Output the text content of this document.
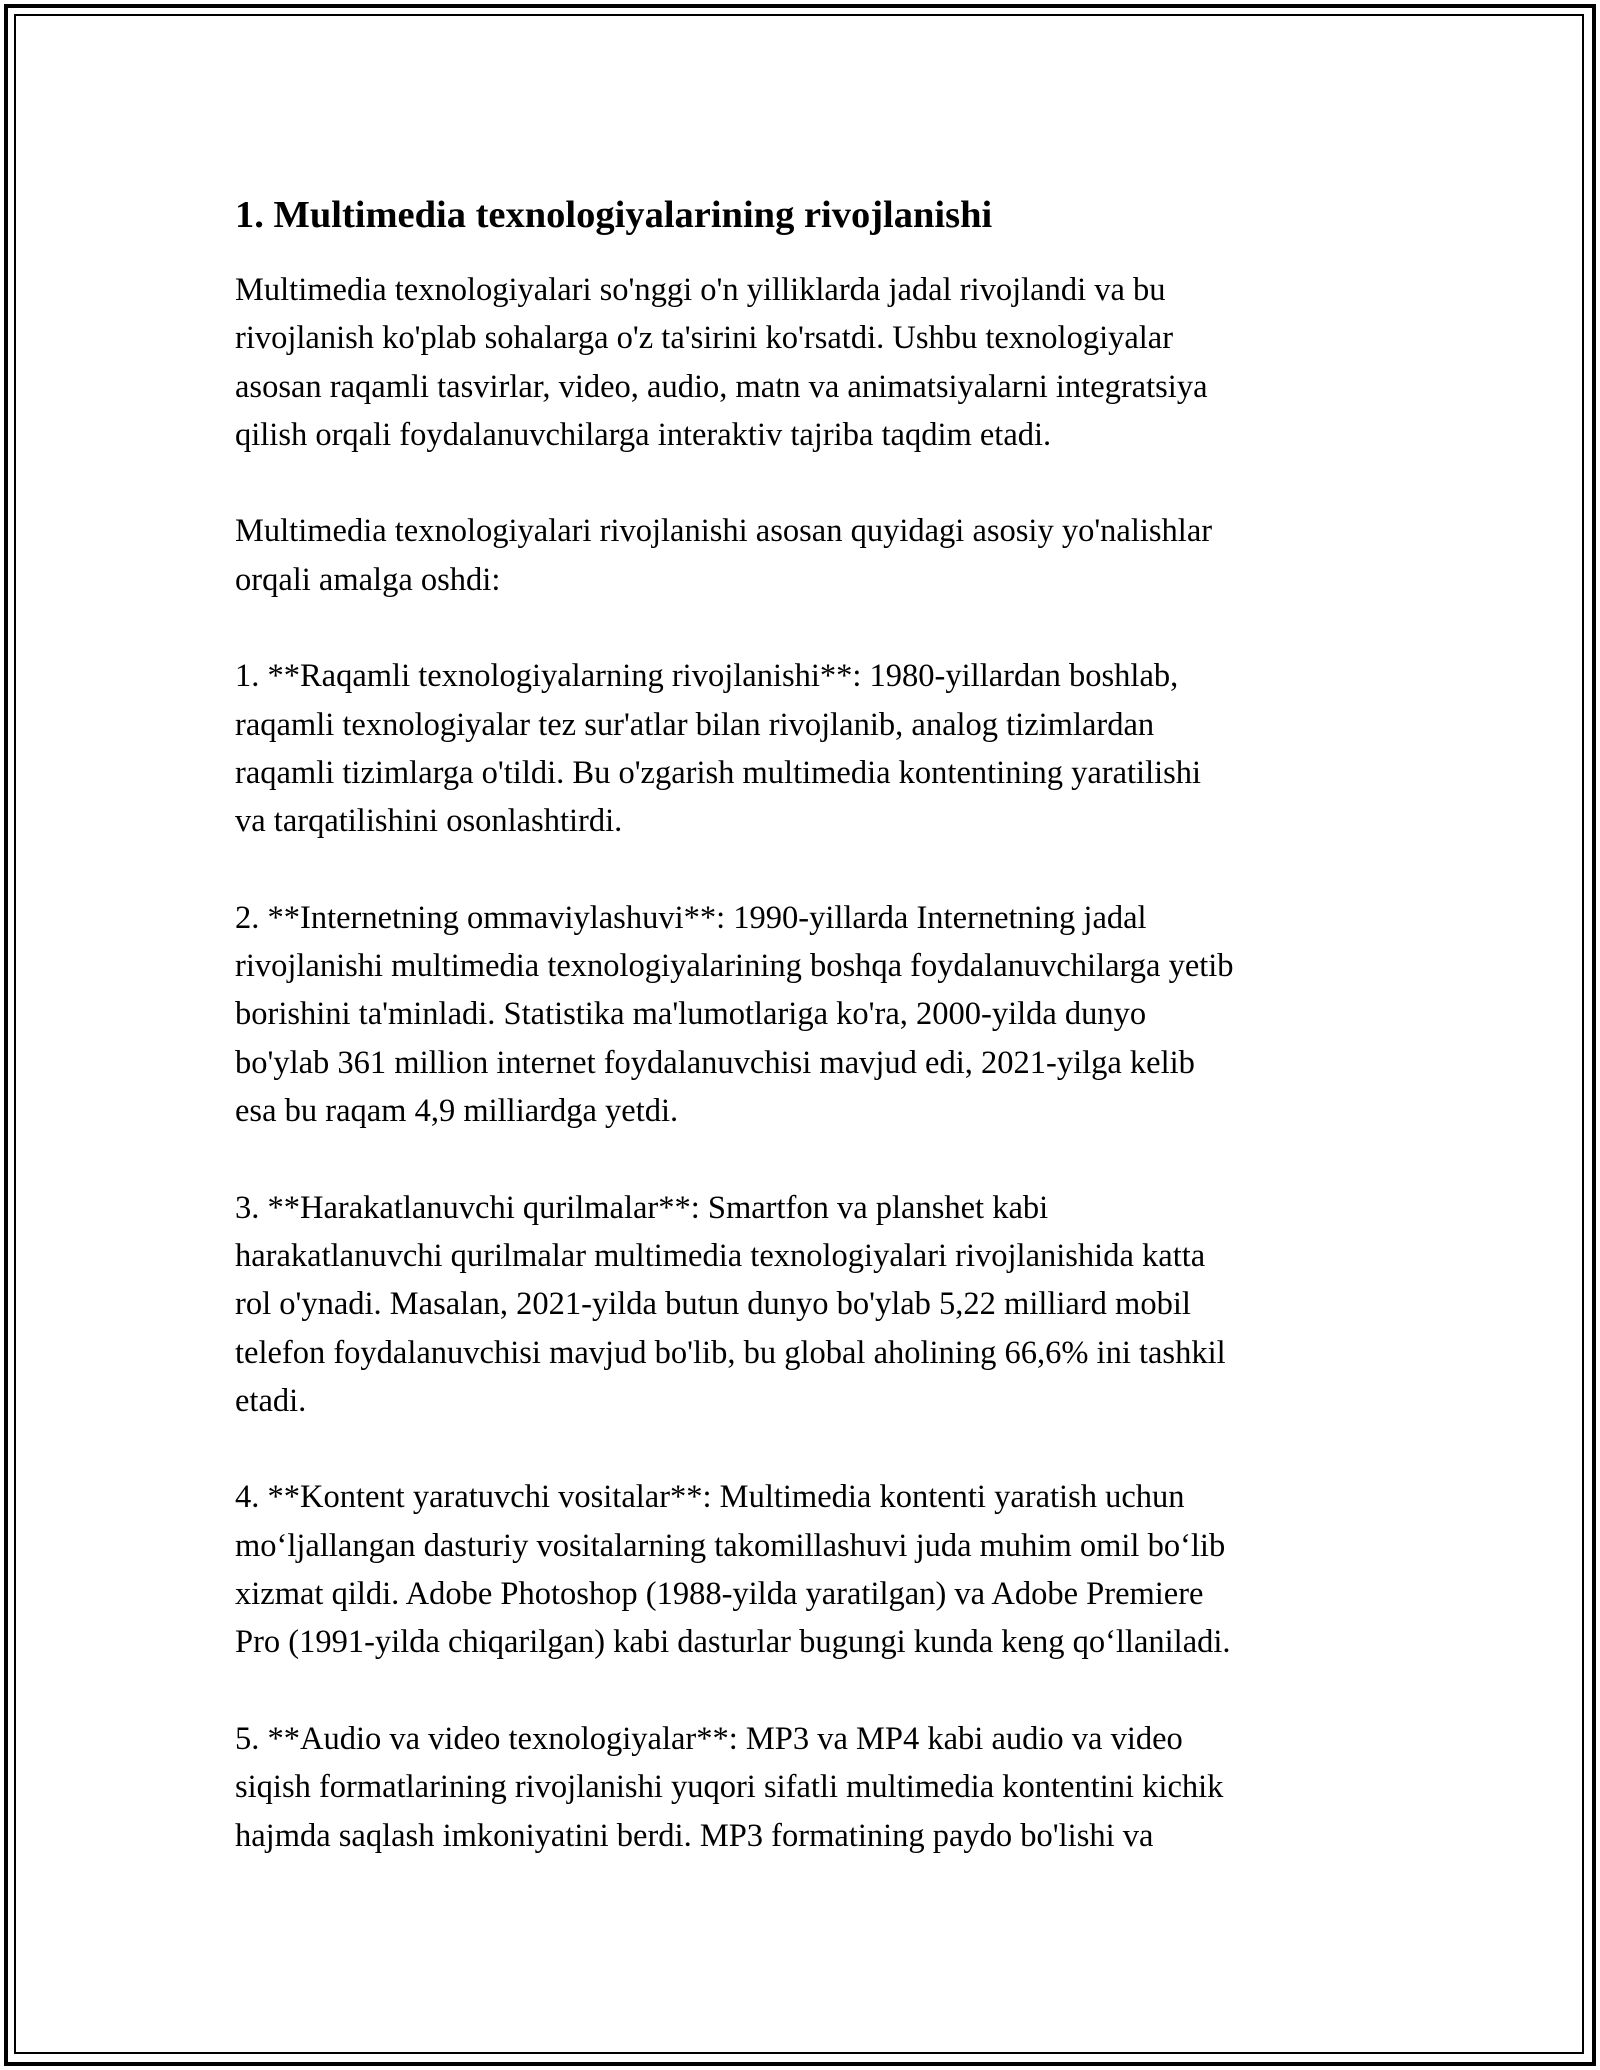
1. Multimedia texnologiyalarining rivojlanishi

Multimedia texnologiyalari so'nggi o'n yilliklarda jadal rivojlandi va bu
rivojlanish ko'plab sohalarga o'z ta'sirini ko'rsatdi. Ushbu texnologiyalar
asosan raqamli tasvirlar, video, audio, matn va animatsiyalarni integratsiya
qilish orqali foydalanuvchilarga interaktiv tajriba taqdim etadi.

Multimedia texnologiyalari rivojlanishi asosan quyidagi asosiy yo'nalishlar
orqali amalga oshdi:

1. **Raqamli texnologiyalarning rivojlanishi**: 1980-yillardan boshlab,
raqamli texnologiyalar tez sur'atlar bilan rivojlanib, analog tizimlardan
raqamli tizimlarga o'tildi. Bu o'zgarish multimedia kontentining yaratilishi
va tarqatilishini osonlashtirdi.

2. **Internetning ommaviylashuvi**: 1990-yillarda Internetning jadal
rivojlanishi multimedia texnologiyalarining boshqa foydalanuvchilarga yetib
borishini ta'minladi. Statistika ma'lumotlariga ko'ra, 2000-yilda dunyo
bo'ylab 361 million internet foydalanuvchisi mavjud edi, 2021-yilga kelib
esa bu raqam 4,9 milliardga yetdi.

3. **Harakatlanuvchi qurilmalar**: Smartfon va planshet kabi
harakatlanuvchi qurilmalar multimedia texnologiyalari rivojlanishida katta
rol o'ynadi. Masalan, 2021-yilda butun dunyo bo'ylab 5,22 milliard mobil
telefon foydalanuvchisi mavjud bo'lib, bu global aholining 66,6% ini tashkil
etadi.

4. **Kontent yaratuvchi vositalar**: Multimedia kontenti yaratish uchun
mo‘ljallangan dasturiy vositalarning takomillashuvi juda muhim omil bo‘lib
xizmat qildi. Adobe Photoshop (1988-yilda yaratilgan) va Adobe Premiere
Pro (1991-yilda chiqarilgan) kabi dasturlar bugungi kunda keng qo‘llaniladi.

5. **Audio va video texnologiyalar**: MP3 va MP4 kabi audio va video
siqish formatlarining rivojlanishi yuqori sifatli multimedia kontentini kichik
hajmda saqlash imkoniyatini berdi. MP3 formatining paydo bo'lishi va
